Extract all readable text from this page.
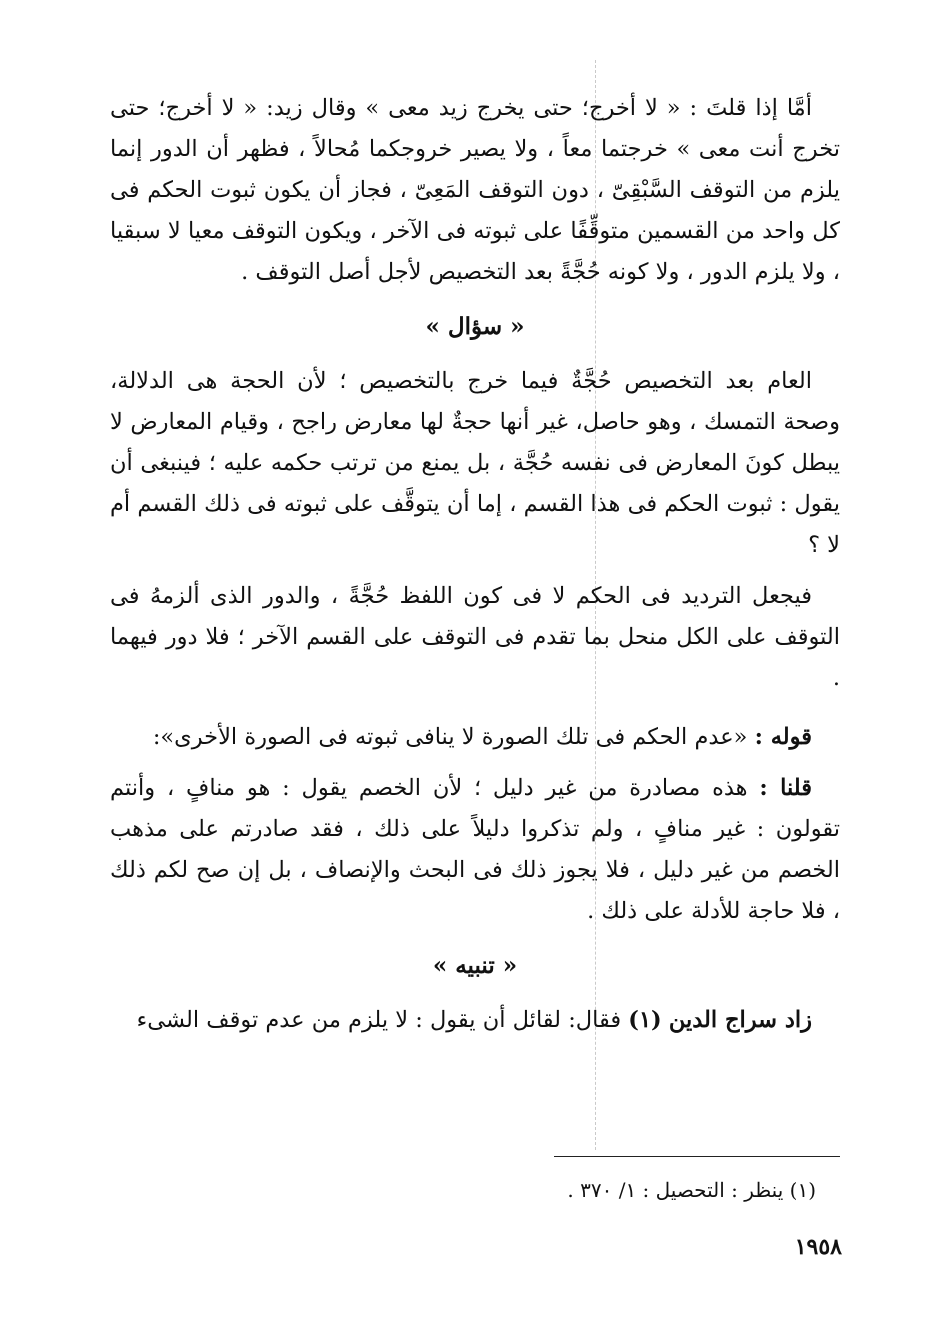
أمَّا إذا قلتَ : « لا أخرج؛ حتى يخرج زيد معى » وقال زيد: « لا أخرج؛ حتى تخرج أنت معى » خرجتما معاً ، ولا يصير خروجكما مُحالاً ، فظهر أن الدور إنما يلزم من التوقف السَّبْقِىّ ، دون التوقف المَعِىّ ، فجاز أن يكون ثبوت الحكم فى كل واحد من القسمين متوقِّفًا على ثبوته فى الآخر ، ويكون التوقف معيا لا سبقيا ، ولا يلزم الدور ، ولا كونه حُجَّةً بعد التخصيص لأجل أصل التوقف .

« سؤال »

العام بعد التخصيص حُجَّةٌ فيما خرج بالتخصيص ؛ لأن الحجة هى الدلالة، وصحة التمسك ، وهو حاصل، غير أنها حجةٌ لها معارض راجح ، وقيام المعارض لا يبطل كونَ المعارض فى نفسه حُجَّة ، بل يمنع من ترتب حكمه عليه ؛ فينبغى أن يقول : ثبوت الحكم فى هذا القسم ، إما أن يتوقَّف على ثبوته فى ذلك القسم أم لا ؟

فيجعل الترديد فى الحكم لا فى كون اللفظ حُجَّةً ، والدور الذى ألزمهُ فى التوقف على الكل منحل بما تقدم فى التوقف على القسم الآخر ؛ فلا دور فيهما .

قوله : «عدم الحكم فى تلك الصورة لا ينافى ثبوته فى الصورة الأخرى»:

قلنا : هذه مصادرة من غير دليل ؛ لأن الخصم يقول : هو منافٍ ، وأنتم تقولون : غير منافٍ ، ولم تذكروا دليلاً على ذلك ، فقد صادرتم على مذهب الخصم من غير دليل ، فلا يجوز ذلك فى البحث والإنصاف ، بل إن صح لكم ذلك ، فلا حاجة للأدلة على ذلك .

« تنبيه »

زاد سراج الدين (١) فقال: لقائل أن يقول : لا يلزم من عدم توقف الشىء

(١) ينظر : التحصيل : ١/ ٣٧٠ .
١٩٥٨
